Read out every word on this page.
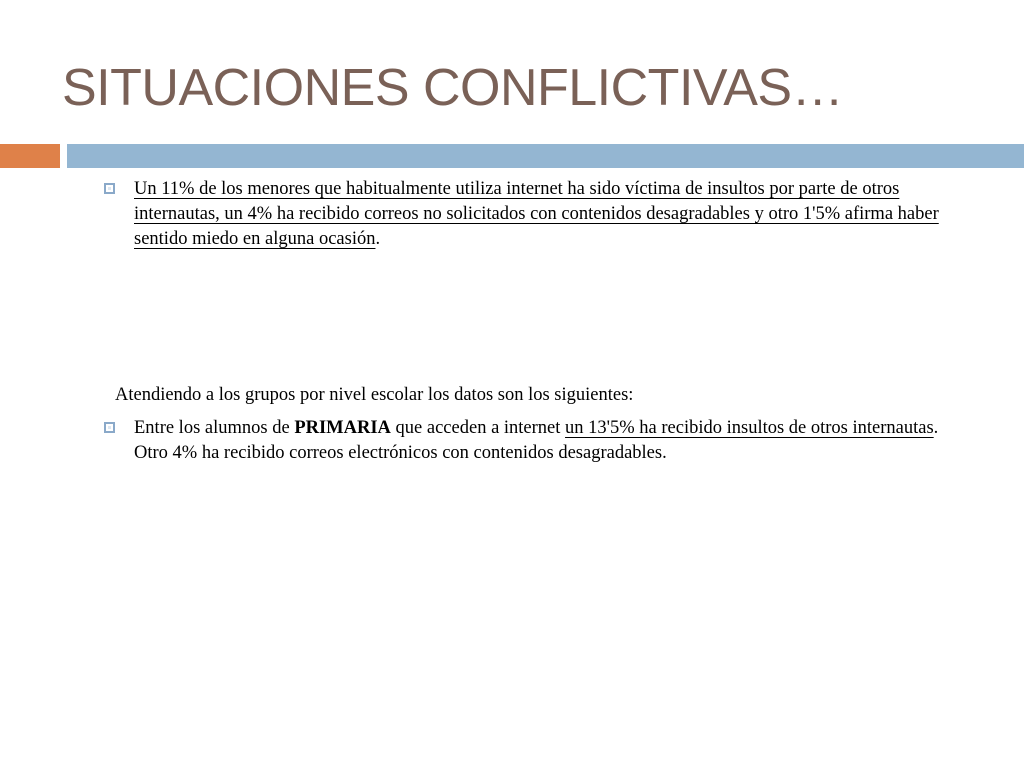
SITUACIONES CONFLICTIVAS…
Un 11% de los menores que habitualmente utiliza internet ha sido víctima de insultos por parte de otros internautas, un 4% ha recibido correos no solicitados con contenidos desagradables y otro 1'5% afirma haber sentido miedo en alguna ocasión.
Atendiendo a los grupos por nivel escolar los datos son los siguientes:
Entre los alumnos de PRIMARIA que acceden a internet un 13'5% ha recibido insultos de otros internautas. Otro 4% ha recibido correos electrónicos con contenidos desagradables.
